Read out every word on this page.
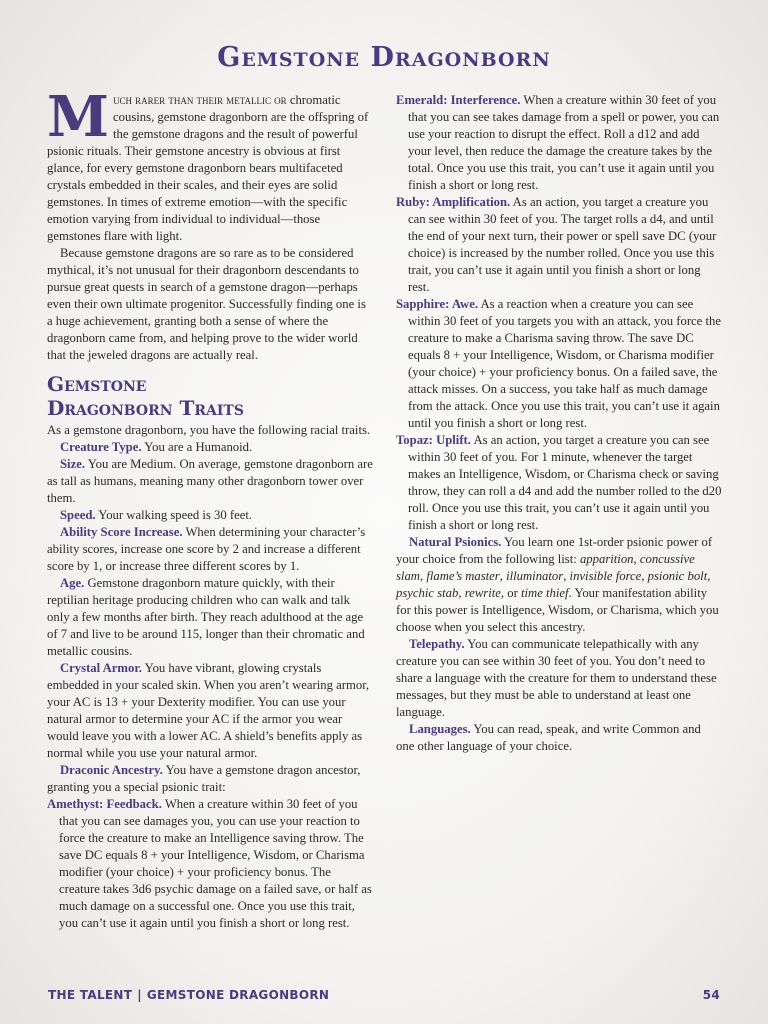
Gemstone Dragonborn

Much rarer than their metallic or chromatic cousins, gemstone dragonborn are the offspring of the gemstone dragons and the result of powerful psionic rituals. Their gemstone ancestry is obvious at first glance, for every gemstone dragonborn bears multifaceted crystals embedded in their scales, and their eyes are solid gemstones. In times of extreme emotion—with the specific emotion varying from individual to individual—those gemstones flare with light.

Because gemstone dragons are so rare as to be considered mythical, it’s not unusual for their dragonborn descendants to pursue great quests in search of a gemstone dragon—perhaps even their own ultimate progenitor. Successfully finding one is a huge achievement, granting both a sense of where the dragonborn came from, and helping prove to the wider world that the jeweled dragons are actually real.

Gemstone
Dragonborn Traits

As a gemstone dragonborn, you have the following racial traits.

Creature Type. You are a Humanoid.

Size. You are Medium. On average, gemstone dragonborn are as tall as humans, meaning many other dragonborn tower over them.

Speed. Your walking speed is 30 feet.

Ability Score Increase. When determining your character’s ability scores, increase one score by 2 and increase a different score by 1, or increase three different scores by 1.

Age. Gemstone dragonborn mature quickly, with their reptilian heritage producing children who can walk and talk only a few months after birth. They reach adulthood at the age of 7 and live to be around 115, longer than their chromatic and metallic cousins.

Crystal Armor. You have vibrant, glowing crystals embedded in your scaled skin. When you aren’t wearing armor, your AC is 13 + your Dexterity modifier. You can use your natural armor to determine your AC if the armor you wear would leave you with a lower AC. A shield’s benefits apply as normal while you use your natural armor.

Draconic Ancestry. You have a gemstone dragon ancestor, granting you a special psionic trait:

Amethyst: Feedback. When a creature within 30 feet of you that you can see damages you, you can use your reaction to force the creature to make an Intelligence saving throw. The save DC equals 8 + your Intelligence, Wisdom, or Charisma modifier (your choice) + your proficiency bonus. The creature takes 3d6 psychic damage on a failed save, or half as much damage on a successful one. Once you use this trait, you can’t use it again until you finish a short or long rest.

Emerald: Interference. When a creature within 30 feet of you that you can see takes damage from a spell or power, you can use your reaction to disrupt the effect. Roll a d12 and add your level, then reduce the damage the creature takes by the total. Once you use this trait, you can’t use it again until you finish a short or long rest.

Ruby: Amplification. As an action, you target a creature you can see within 30 feet of you. The target rolls a d4, and until the end of your next turn, their power or spell save DC (your choice) is increased by the number rolled. Once you use this trait, you can’t use it again until you finish a short or long rest.

Sapphire: Awe. As a reaction when a creature you can see within 30 feet of you targets you with an attack, you force the creature to make a Charisma saving throw. The save DC equals 8 + your Intelligence, Wisdom, or Charisma modifier (your choice) + your proficiency bonus. On a failed save, the attack misses. On a success, you take half as much damage from the attack. Once you use this trait, you can’t use it again until you finish a short or long rest.

Topaz: Uplift. As an action, you target a creature you can see within 30 feet of you. For 1 minute, whenever the target makes an Intelligence, Wisdom, or Charisma check or saving throw, they can roll a d4 and add the number rolled to the d20 roll. Once you use this trait, you can’t use it again until you finish a short or long rest.

Natural Psionics. You learn one 1st-order psionic power of your choice from the following list: apparition, concussive slam, flame’s master, illuminator, invisible force, psionic bolt, psychic stab, rewrite, or time thief. Your manifestation ability for this power is Intelligence, Wisdom, or Charisma, which you choose when you select this ancestry.

Telepathy. You can communicate telepathically with any creature you can see within 30 feet of you. You don’t need to share a language with the creature for them to understand these messages, but they must be able to understand at least one language.

Languages. You can read, speak, and write Common and one other language of your choice.

THE TALENT | GEMSTONE DRAGONBORN	54
